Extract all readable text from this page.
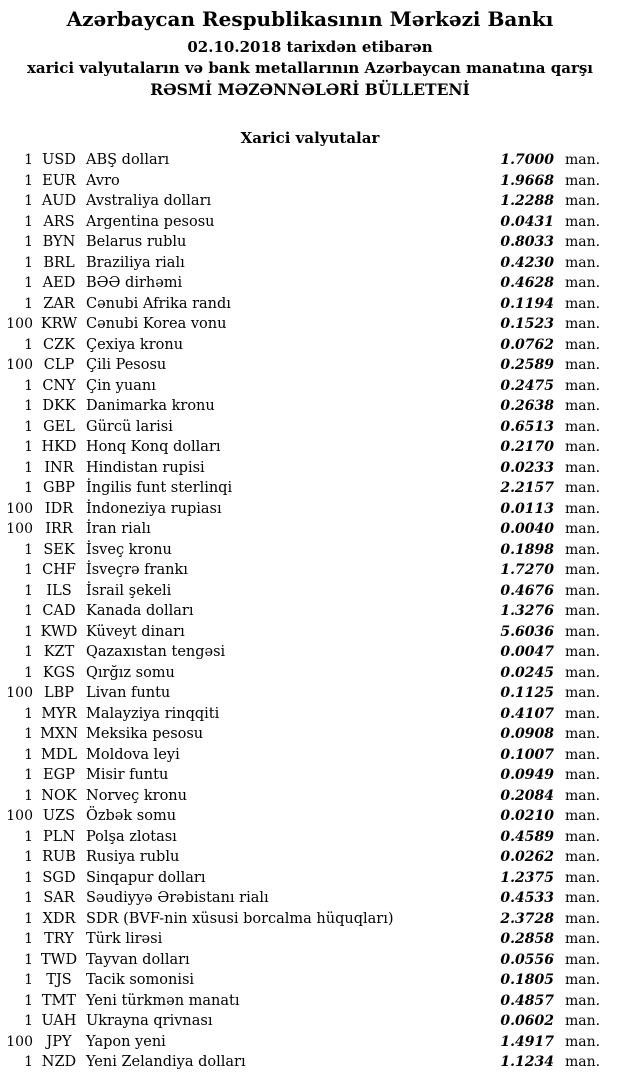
Azərbaycan Respublikasının Mərkəzi Bankı
02.10.2018 tarixdən etibarən
xarici valyutaların və bank metallarının Azərbaycan manatına qarşı
RƏSMİ MƏZƏNNƏLƏRİ BÜLLETENİ
Xarici valyutalar
1 USD ABŞ dolları	1.7000 man.
1 EUR Avro	1.9668 man.
1 AUD Avstraliya dolları	1.2288 man.
1 ARS Argentina pesosu	0.0431 man.
1 BYN Belarus rublu	0.8033 man.
1 BRL Braziliya rialı	0.4230 man.
1 AED BƏƏ dirhəmi	0.4628 man.
1 ZAR Cənubi Afrika randı	0.1194 man.
100 KRW Cənubi Korea vonu	0.1523 man.
1 CZK Çexiya kronu	0.0762 man.
100 CLP Çili Pesosu	0.2589 man.
1 CNY Çin yuanı	0.2475 man.
1 DKK Danimarka kronu	0.2638 man.
1 GEL Gürcü larisi	0.6513 man.
1 HKD Honq Konq dolları	0.2170 man.
1 INR Hindistan rupisi	0.0233 man.
1 GBP İngilis funt sterlinqi	2.2157 man.
100 IDR İndoneziya rupiası	0.0113 man.
100 IRR İran rialı	0.0040 man.
1 SEK İsveç kronu	0.1898 man.
1 CHF İsveçrə frankı	1.7270 man.
1 ILS İsrail şekeli	0.4676 man.
1 CAD Kanada dolları	1.3276 man.
1 KWD Küveyt dinarı	5.6036 man.
1 KZT Qazaxıstan tengəsi	0.0047 man.
1 KGS Qırğız somu	0.0245 man.
100 LBP Livan funtu	0.1125 man.
1 MYR Malayziya rinqqiti	0.4107 man.
1 MXN Meksika pesosu	0.0908 man.
1 MDL Moldova leyi	0.1007 man.
1 EGP Misir funtu	0.0949 man.
1 NOK Norveç kronu	0.2084 man.
100 UZS Özbək somu	0.0210 man.
1 PLN Polşa zlotası	0.4589 man.
1 RUB Rusiya rublu	0.0262 man.
1 SGD Sinqapur dolları	1.2375 man.
1 SAR Səudiyyə Ərəbistanı rialı	0.4533 man.
1 XDR SDR (BVF-nin xüsusi borcalma hüquqları)	2.3728 man.
1 TRY Türk lirəsi	0.2858 man.
1 TWD Tayvan dolları	0.0556 man.
1 TJS Tacik somonisi	0.1805 man.
1 TMT Yeni türkmən manatı	0.4857 man.
1 UAH Ukrayna qrivnası	0.0602 man.
100 JPY Yapon yeni	1.4917 man.
1 NZD Yeni Zelandiya dolları	1.1234 man.
